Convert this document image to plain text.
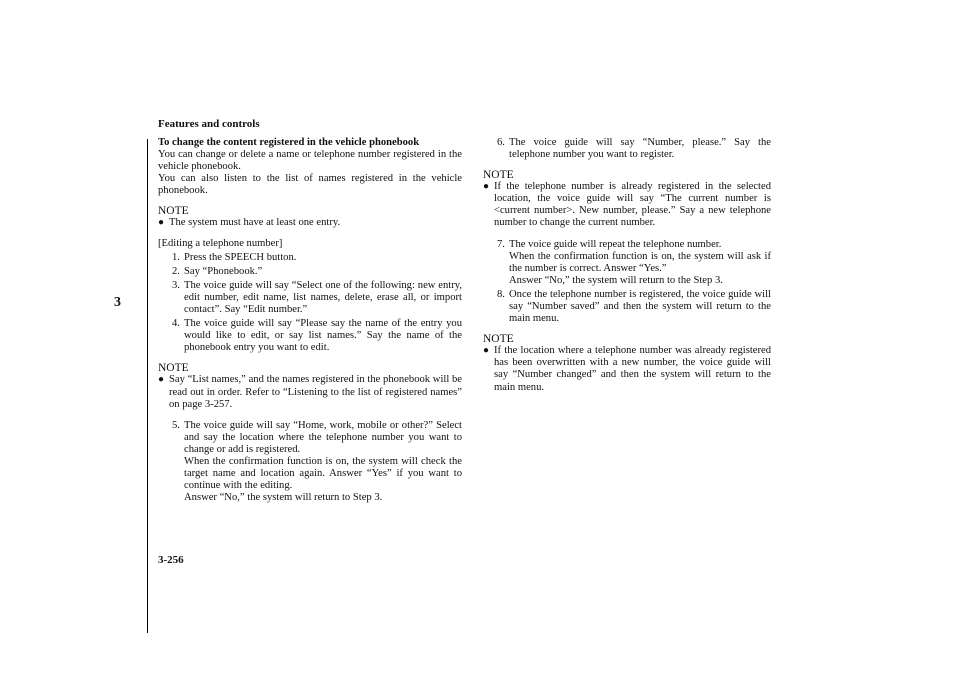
Features and controls
3
To change the content registered in the vehicle phonebook

You can change or delete a name or telephone number registered in the vehicle phonebook.

You can also listen to the list of names registered in the vehicle phonebook.

NOTE
● The system must have at least one entry.
[Editing a telephone number]
1. Press the SPEECH button.
2. Say “Phonebook.”
3. The voice guide will say “Select one of the following: new entry, edit number, edit name, list names, delete, erase all, or import contact”. Say “Edit number.”
4. The voice guide will say “Please say the name of the entry you would like to edit, or say list names.” Say the name of the phonebook entry you want to edit.
NOTE
● Say “List names,” and the names registered in the phonebook will be read out in order. Refer to “Listening to the list of registered names” on page 3-257.
5. The voice guide will say “Home, work, mobile or other?” Select and say the location where the telephone number you want to change or add is registered.
When the confirmation function is on, the system will check the target name and location again. Answer “Yes” if you want to continue with the editing.
Answer “No,” the system will return to Step 3.
6. The voice guide will say “Number, please.” Say the telephone number you want to register.
NOTE
● If the telephone number is already registered in the selected location, the voice guide will say “The current number is <current number>. New number, please.” Say a new telephone number to change the current number.
7. The voice guide will repeat the telephone number.
When the confirmation function is on, the system will ask if the number is correct. Answer “Yes.”
Answer “No,” the system will return to the Step 3.
8. Once the telephone number is registered, the voice guide will say “Number saved” and then the system will return to the main menu.
NOTE
● If the location where a telephone number was already registered has been overwritten with a new number, the voice guide will say “Number changed” and then the system will return to the main menu.
3-256
